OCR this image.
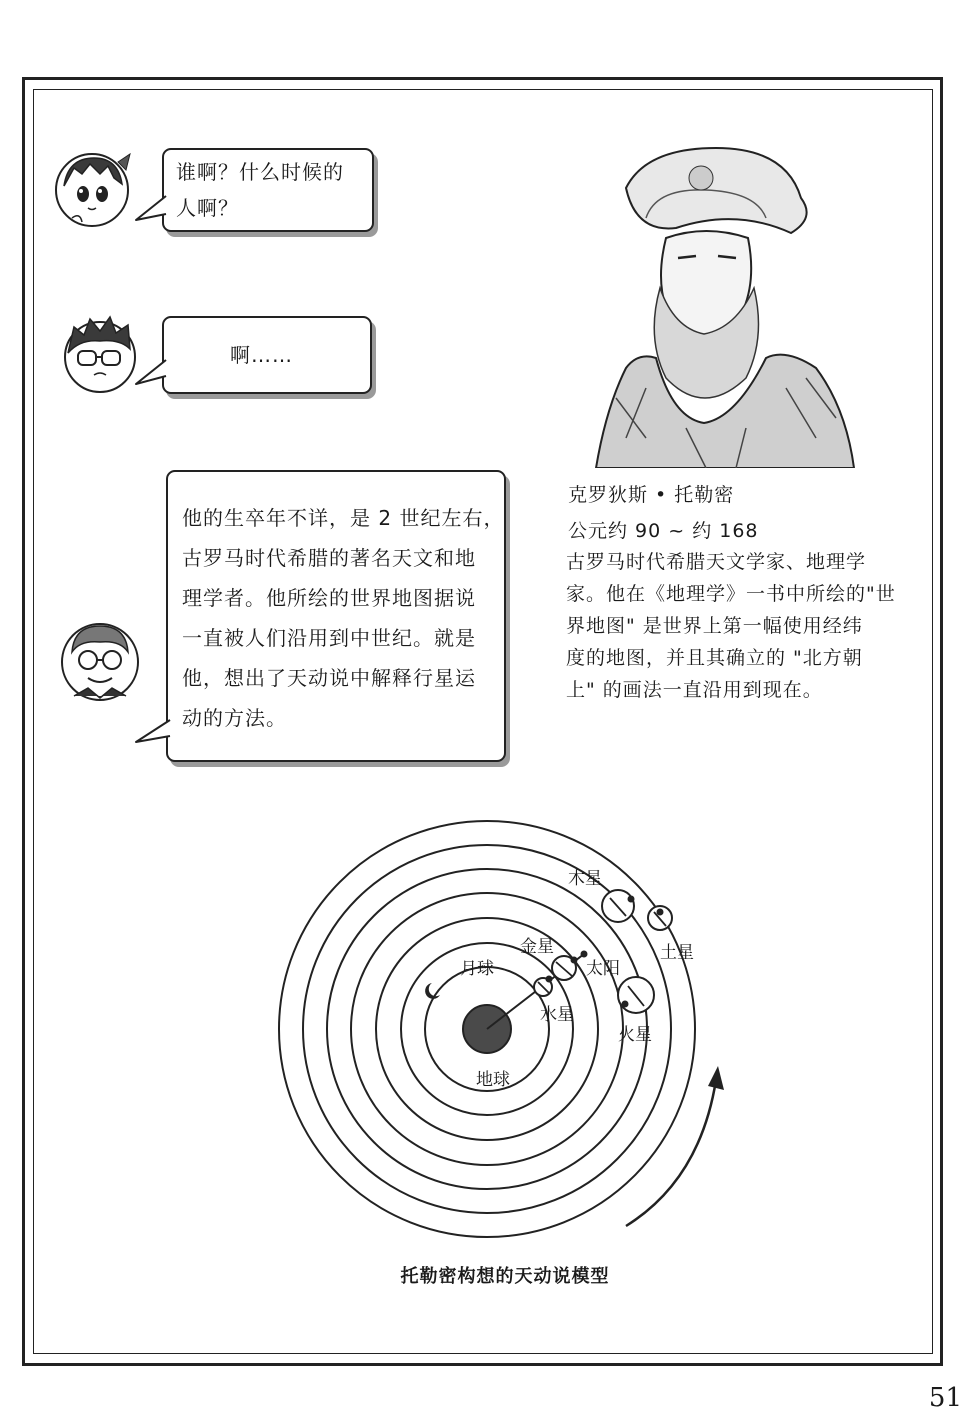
谁啊？什么时候的
人啊？
啊……
他的生卒年不详，是 2 世纪左右，
古罗马时代希腊的著名天文和地
理学者。他所绘的世界地图据说
一直被人们沿用到中世纪。就是
他，想出了天动说中解释行星运
动的方法。
克罗狄斯 • 托勒密
公元约 90 ~ 约 168
古罗马时代希腊天文学家、地理学
家。他在《地理学》一书中所绘的"世
界地图" 是世界上第一幅使用经纬
度的地图，并且其确立的 "北方朝
上" 的画法一直沿用到现在。
地球
月球
水星
金星
太阳
火星
木星
土星
托勒密构想的天动说模型
51
